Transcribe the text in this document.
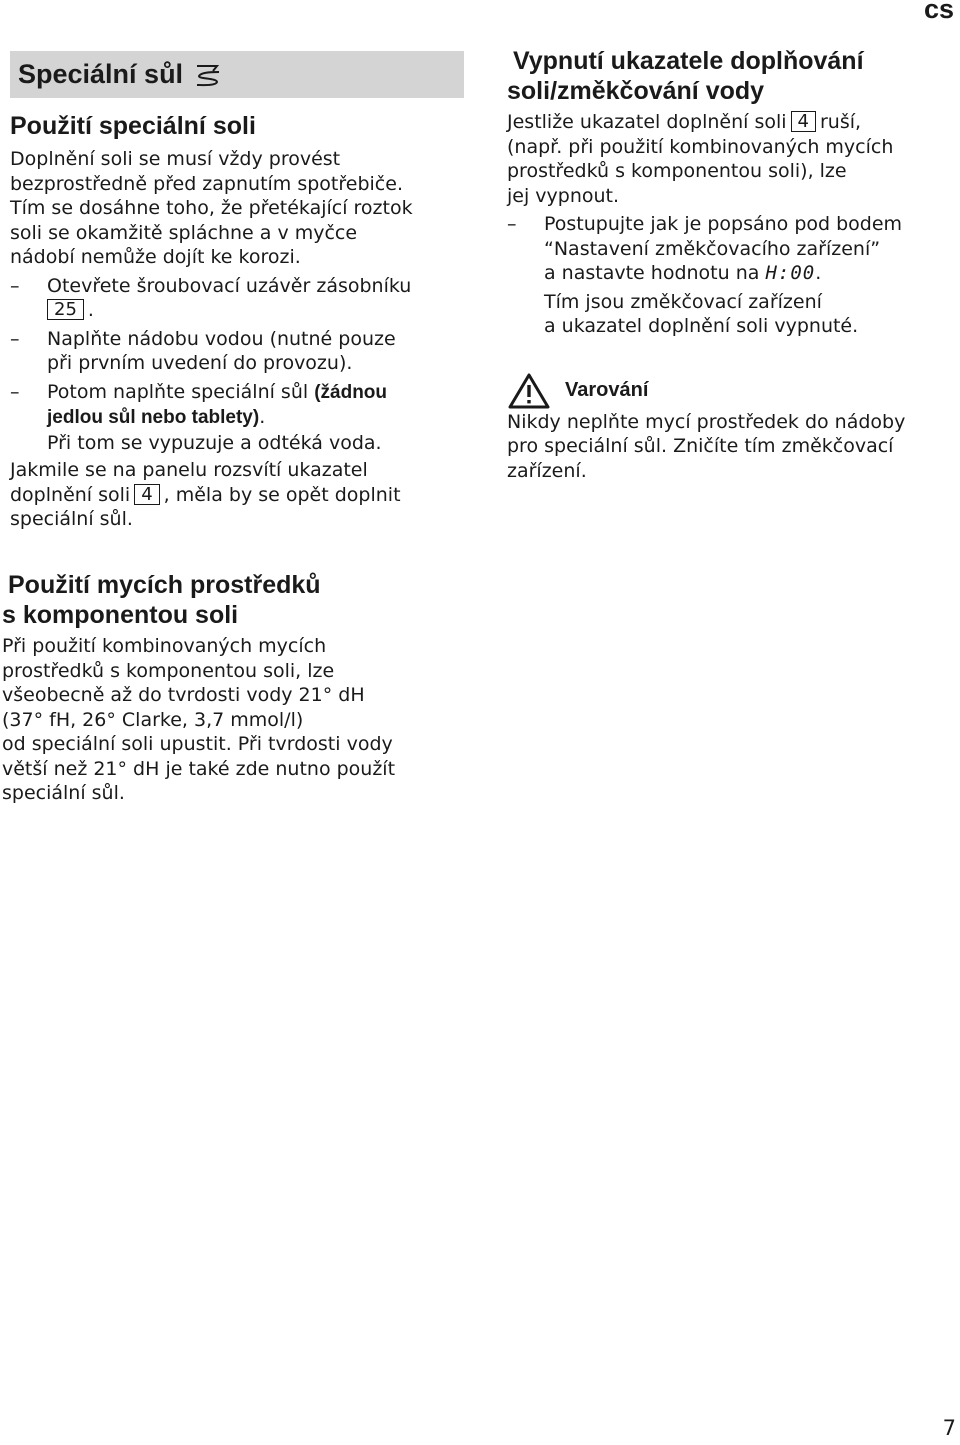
cs
Speciální sůl
Použití speciální soli
Doplnění soli se musí vždy provést
bezprostředně před zapnutím spotřebiče.
Tím se dosáhne toho, že přetékající roztok
soli se okamžitě spláchne a v myčce
nádobí nemůže dojít ke korozi.
– Otevřete šroubovací uzávěr zásobníku
25 .
– Naplňte nádobu vodou (nutné pouze
při prvním uvedení do provozu).
– Potom naplňte speciální sůl (žádnou
jedlou sůl nebo tablety).
Při tom se vypuzuje a odtéká voda.
Jakmile se na panelu rozsvítí ukazatel
doplnění soli 4 , měla by se opět doplnit
speciální sůl.
Použití mycích prostředků
s komponentou soli
Při použití kombinovaných mycích
prostředků s komponentou soli, lze
všeobecně až do tvrdosti vody 21° dH
(37° fH, 26° Clarke, 3,7 mmol/l)
od speciální soli upustit. Při tvrdosti vody
větší než 21° dH je také zde nutno použít
speciální sůl.
Vypnutí ukazatele doplňování
soli/změkčování vody
Jestliže ukazatel doplnění soli 4 ruší,
(např. při použití kombinovaných mycích
prostředků s komponentou soli), lze
jej vypnout.
– Postupujte jak je popsáno pod bodem
“Nastavení změkčovacího zařízení”
a nastavte hodnotu na H:00.
Tím jsou změkčovací zařízení
a ukazatel doplnění soli vypnuté.
Varování
Nikdy neplňte mycí prostředek do nádoby
pro speciální sůl. Zničíte tím změkčovací
zařízení.
7
